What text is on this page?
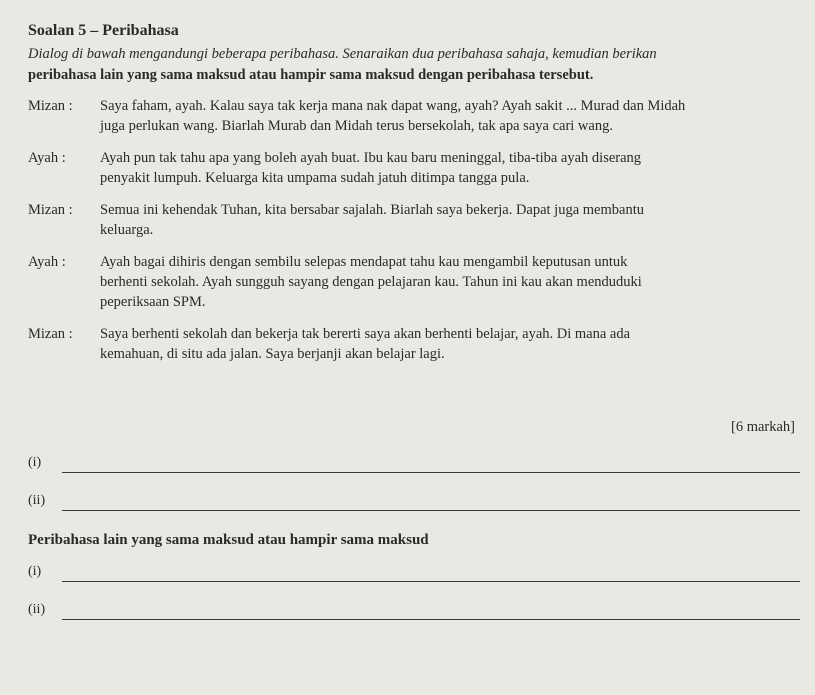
Soalan 5 – Peribahasa
Dialog di bawah mengandungi beberapa peribahasa. Senaraikan dua peribahasa sahaja, kemudian berikan
peribahasa lain yang sama maksud atau hampir sama maksud dengan peribahasa tersebut.
Mizan :	Saya faham, ayah. Kalau saya tak kerja mana nak dapat wang, ayah? Ayah sakit ... Murad dan Midah
juga perlukan wang. Biarlah Murab dan Midah terus bersekolah, tak apa saya cari wang.
Ayah :	Ayah pun tak tahu apa yang boleh ayah buat. Ibu kau baru meninggal, tiba-tiba ayah diserang
penyakit lumpuh. Keluarga kita umpama sudah jatuh ditimpa tangga pula.
Mizan :	Semua ini kehendak Tuhan, kita bersabar sajalah. Biarlah saya bekerja. Dapat juga membantu
keluarga.
Ayah :	Ayah bagai dihiris dengan sembilu selepas mendapat tahu kau mengambil keputusan untuk
berhenti sekolah. Ayah sungguh sayang dengan pelajaran kau. Tahun ini kau akan menduduki
peperiksaan SPM.
Mizan :	Saya berhenti sekolah dan bekerja tak bererti saya akan berhenti belajar, ayah. Di mana ada
kemahuan, di situ ada jalan. Saya berjanji akan belajar lagi.
[6 markah]
(i)
(ii)
Peribahasa lain yang sama maksud atau hampir sama maksud
(i)
(ii)
